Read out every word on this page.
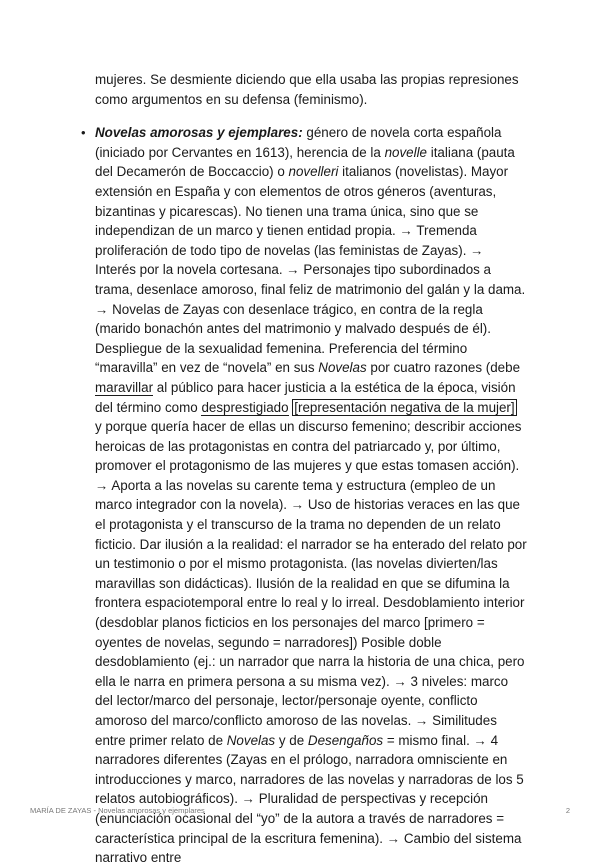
mujeres. Se desmiente diciendo que ella usaba las propias represiones como argumentos en su defensa (feminismo).

• Novelas amorosas y ejemplares: género de novela corta española (iniciado por Cervantes en 1613), herencia de la novelle italiana (pauta del Decamerón de Boccaccio) o novelleri italianos (novelistas). Mayor extensión en España y con elementos de otros géneros (aventuras, bizantinas y picarescas). No tienen una trama única, sino que se independizan de un marco y tienen entidad propia. → Tremenda proliferación de todo tipo de novelas (las feministas de Zayas). → Interés por la novela cortesana. → Personajes tipo subordinados a trama, desenlace amoroso, final feliz de matrimonio del galán y la dama. → Novelas de Zayas con desenlace trágico, en contra de la regla (marido bonachón antes del matrimonio y malvado después de él). Despliegue de la sexualidad femenina. Preferencia del término “maravilla” en vez de “novela” en sus Novelas por cuatro razones (debe maravillar al público para hacer justicia a la estética de la época, visión del término como desprestigiado [representación negativa de la mujer] y porque quería hacer de ellas un discurso femenino; describir acciones heroicas de las protagonistas en contra del patriarcado y, por último, promover el protagonismo de las mujeres y que estas tomasen acción). → Aporta a las novelas su carente tema y estructura (empleo de un marco integrador con la novela). → Uso de historias veraces en las que el protagonista y el transcurso de la trama no dependen de un relato ficticio. Dar ilusión a la realidad: el narrador se ha enterado del relato por un testimonio o por el mismo protagonista. (las novelas divierten/las maravillas son didácticas). Ilusión de la realidad en que se difumina la frontera espaciotemporal entre lo real y lo irreal. Desdoblamiento interior (desdoblar planos ficticios en los personajes del marco [primero = oyentes de novelas, segundo = narradores]) Posible doble desdoblamiento (ej.: un narrador que narra la historia de una chica, pero ella le narra en primera persona a su misma vez). → 3 niveles: marco del lector/marco del personaje, lector/personaje oyente, conflicto amoroso del marco/conflicto amoroso de las novelas. → Similitudes entre primer relato de Novelas y de Desengaños = mismo final. → 4 narradores diferentes (Zayas en el prólogo, narradora omnisciente en introducciones y marco, narradores de las novelas y narradoras de los 5 relatos autobiográficos). → Pluralidad de perspectivas y recepción (enunciación ocasional del “yo” de la autora a través de narradores = característica principal de la escritura femenina). → Cambio del sistema narrativo entre

MARÍA DE ZAYAS - Novelas amorosas y ejemplares	2
